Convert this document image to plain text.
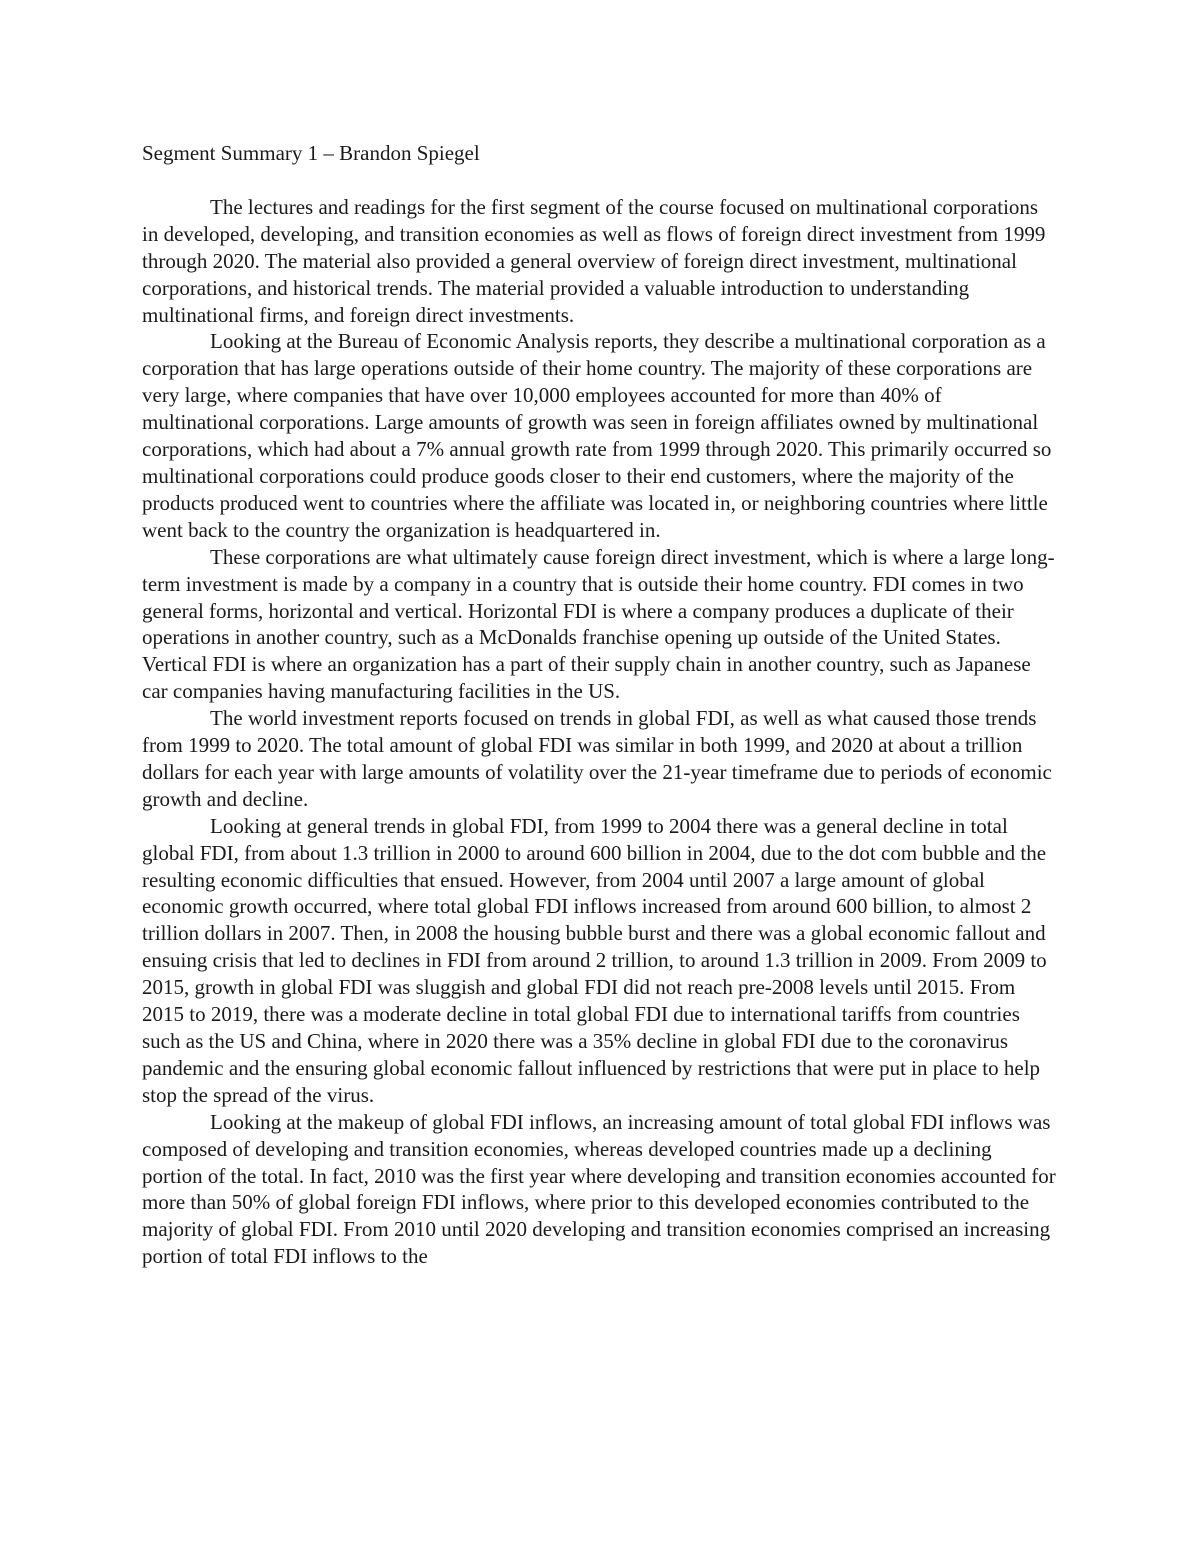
Segment Summary 1 – Brandon Spiegel

The lectures and readings for the first segment of the course focused on multinational corporations in developed, developing, and transition economies as well as flows of foreign direct investment from 1999 through 2020. The material also provided a general overview of foreign direct investment, multinational corporations, and historical trends. The material provided a valuable introduction to understanding multinational firms, and foreign direct investments.

Looking at the Bureau of Economic Analysis reports, they describe a multinational corporation as a corporation that has large operations outside of their home country. The majority of these corporations are very large, where companies that have over 10,000 employees accounted for more than 40% of multinational corporations. Large amounts of growth was seen in foreign affiliates owned by multinational corporations, which had about a 7% annual growth rate from 1999 through 2020. This primarily occurred so multinational corporations could produce goods closer to their end customers, where the majority of the products produced went to countries where the affiliate was located in, or neighboring countries where little went back to the country the organization is headquartered in.

These corporations are what ultimately cause foreign direct investment, which is where a large long-term investment is made by a company in a country that is outside their home country. FDI comes in two general forms, horizontal and vertical. Horizontal FDI is where a company produces a duplicate of their operations in another country, such as a McDonalds franchise opening up outside of the United States. Vertical FDI is where an organization has a part of their supply chain in another country, such as Japanese car companies having manufacturing facilities in the US.

The world investment reports focused on trends in global FDI, as well as what caused those trends from 1999 to 2020. The total amount of global FDI was similar in both 1999, and 2020 at about a trillion dollars for each year with large amounts of volatility over the 21-year timeframe due to periods of economic growth and decline.

Looking at general trends in global FDI, from 1999 to 2004 there was a general decline in total global FDI, from about 1.3 trillion in 2000 to around 600 billion in 2004, due to the dot com bubble and the resulting economic difficulties that ensued. However, from 2004 until 2007 a large amount of global economic growth occurred, where total global FDI inflows increased from around 600 billion, to almost 2 trillion dollars in 2007. Then, in 2008 the housing bubble burst and there was a global economic fallout and ensuing crisis that led to declines in FDI from around 2 trillion, to around 1.3 trillion in 2009. From 2009 to 2015, growth in global FDI was sluggish and global FDI did not reach pre-2008 levels until 2015. From 2015 to 2019, there was a moderate decline in total global FDI due to international tariffs from countries such as the US and China, where in 2020 there was a 35% decline in global FDI due to the coronavirus pandemic and the ensuring global economic fallout influenced by restrictions that were put in place to help stop the spread of the virus.

Looking at the makeup of global FDI inflows, an increasing amount of total global FDI inflows was composed of developing and transition economies, whereas developed countries made up a declining portion of the total. In fact, 2010 was the first year where developing and transition economies accounted for more than 50% of global foreign FDI inflows, where prior to this developed economies contributed to the majority of global FDI. From 2010 until 2020 developing and transition economies comprised an increasing portion of total FDI inflows to the
